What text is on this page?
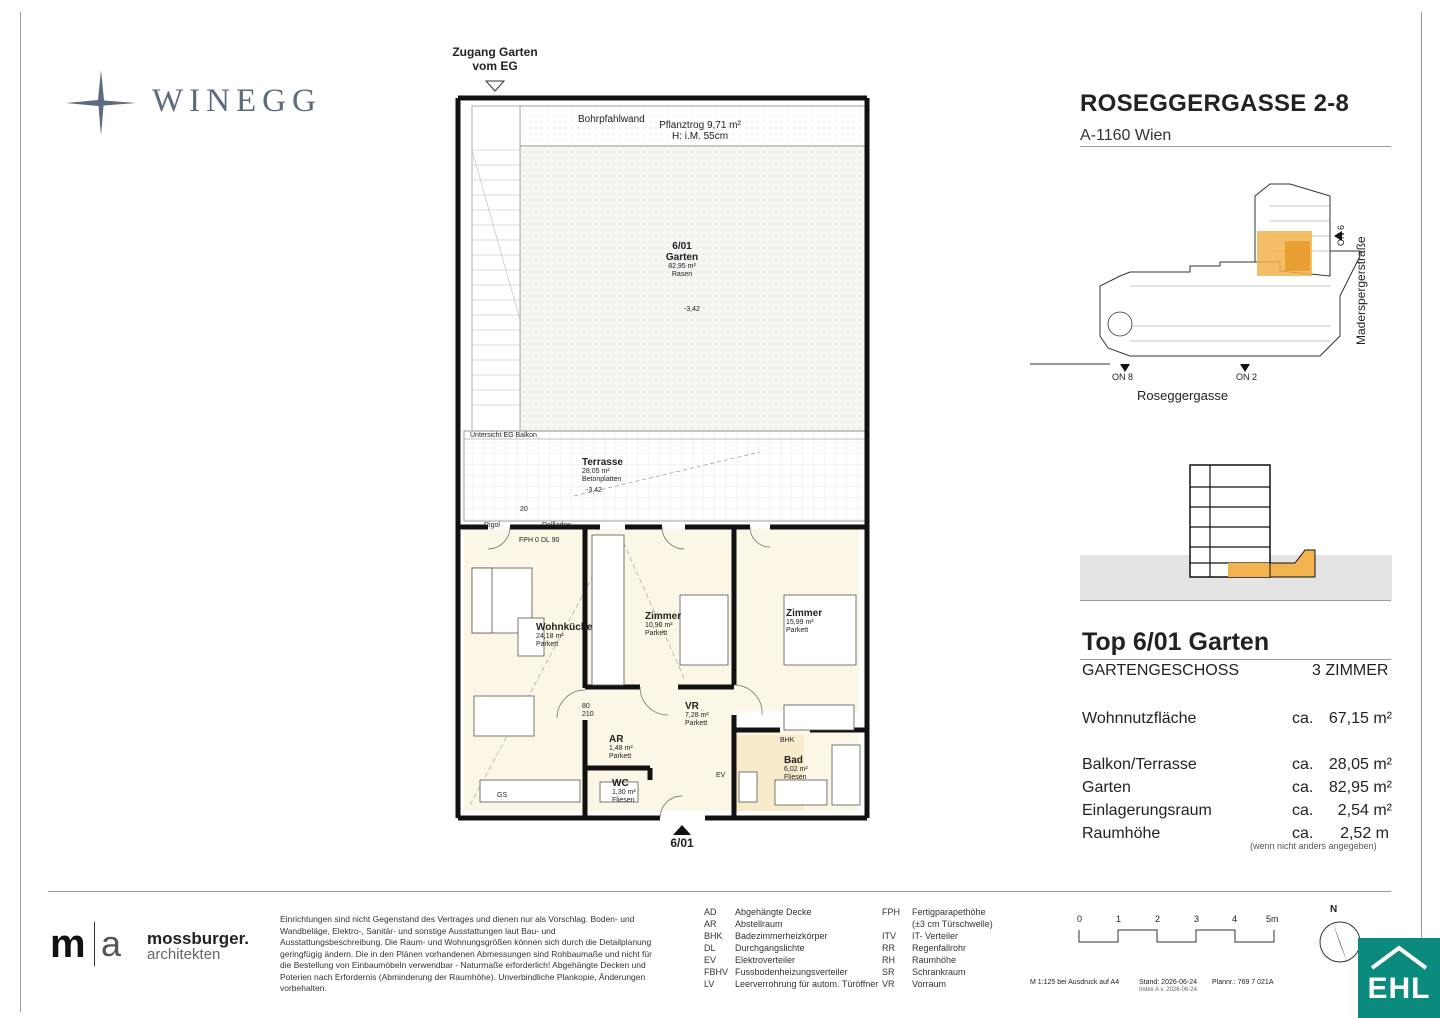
WINEGG
Zugang Garten
vom EG
Bohrpfahlwand
Pflanztrog 9,71 m²
H: i.M. 55cm
6/01
Garten
82,95 m²
Rasen
-3,42
Untersicht EG Balkon
Terrasse
28,05 m²
Betonplatten
-3,42
Wohnküche
24,18 m²
Parkett
Zimmer
10,90 m²
Parkett
Zimmer
15,99 m²
Parkett
VR
7,28 m²
Parkett
AR
1,48 m²
Parkett	Bad
6,02 m²
Fliesen
WC
1,30 m²
Fliesen
Rigol	Rollladen
FPH 0 DL 90
BHK
EV
GS
80
210
20
6/01
ROSEGGERGASSE 2-8
A-1160 Wien
ON 8	ON 2
Roseggergasse
ON 6
Maderspergerstraße
Top 6/01 Garten
GARTENGESCHOSS	3 ZIMMER
Wohnnutzfläche	ca. 67,15 m²
Balkon/Terrasse	ca. 28,05 m²
Garten	ca. 82,95 m²
Einlagerungsraum	ca.	2,54 m²
Raumhöhe	ca.	2,52 m
(wenn nicht anders angegeben)
m a mossburger.
architekten
Einrichtungen sind nicht Gegenstand des Vertrages und dienen nur als Vorschlag. Boden- und Wandbeläge, Elektro-, Sanitär- und sonstige Ausstattungen laut Bau- und Ausstattungsbeschreibung. Die Raum- und Wohnungsgrößen können sich durch die Detailplanung geringfügig ändern. Die in den Plänen vorhandenen Abmessungen sind Rohbaumaße und nicht für die Bestellung von Einbaumöbeln verwendbar - Naturmaße erforderlich! Abgehängte Decken und Poterien nach Erfordernis (Abminderung der Raumhöhe). Unverbindliche Plankopie, Änderungen vorbehalten.
AD	Abgehängte Decke
AR	Abstellraum
BHK	Badezimmerheizkörper
DL	Durchgangslichte
EV	Elektroverteiler
FBHV Fussbodenheizungsverteiler
LV	Leerverrohrung für autom. Türöffner
FPH	Fertigparapethöhe
(±3 cm Türschwelle)
ITV	IT- Verteiler
RR	Regenfallrohr
RH	Raumhöhe
SR	Schrankraum
VR	Vorraum
0	1	2	3	4	5m
M 1:125 bei Ausdruck auf A4	Stand: 2026-06-24
Index A v. 2026-06-24
Plannr.: 769 7 021A
N
EHL
